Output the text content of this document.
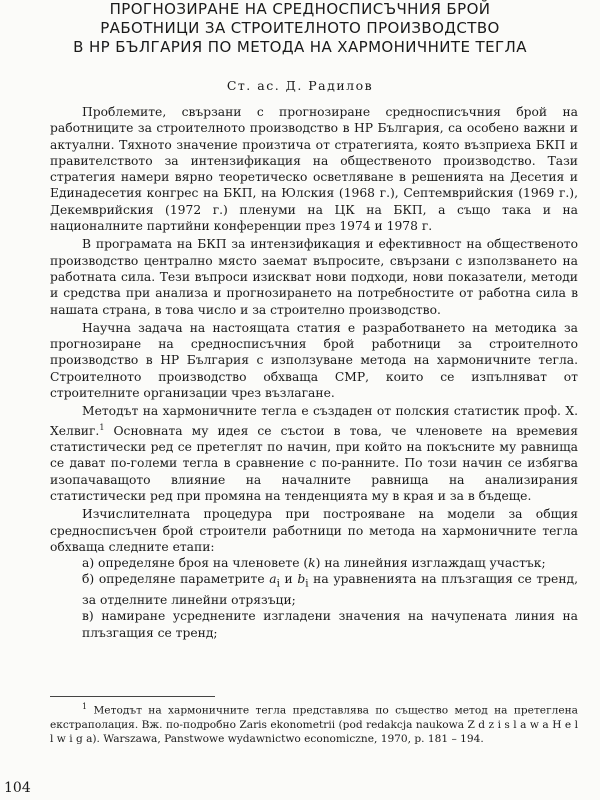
ПРОГНОЗИРАНЕ НА СРЕДНОСПИСЪЧНИЯ БРОЙ
РАБОТНИЦИ ЗА СТРОИТЕЛНОТО ПРОИЗВОДСТВО
В НР БЪЛГАРИЯ ПО МЕТОДА НА ХАРМОНИЧНИТЕ ТЕГЛА
Ст. ас. Д. Радилов

Проблемите, свързани с прогнозиране средносписъчния брой на работниците за строителното производство в НР България, са особено важни и актуални. Тяхното значение произтича от стратегията, която възприеха БКП и правителството за интензификация на общественото производство. Тази стратегия намери вярно теоретическо осветляване в решенията на Десетия и Единадесетия конгрес на БКП, на Юлския (1968 г.), Септемврийския (1969 г.), Декемврийския (1972 г.) пленуми на ЦК на БКП, а също така и на националните партийни конференции през 1974 и 1978 г.

В програмата на БКП за интензификация и ефективност на общественото производство централно място заемат въпросите, свързани с използването на работната сила. Тези въпроси изискват нови подходи, нови показатели, методи и средства при анализа и прогнозирането на потребностите от работна сила в нашата страна, в това число и за строително производство.

Научна задача на настоящата статия е разработването на методика за прогнозиране на средносписъчния брой работници за строителното производство в НР България с използуване метода на хармоничните тегла. Строителното производство обхваща СМР, които се изпълняват от строителните организации чрез възлагане.

Методът на хармоничните тегла е създаден от полския статистик проф. Х. Хелвиг.$^1$ Основната му идея се състои в това, че членовете на времевия статистически ред се претеглят по начин, при който на покъсните му равнища се дават по-големи тегла в сравнение с по-ранните. По този начин се избягва изопачаващото влияние на началните равнища на анализирания статистически ред при промяна на тенденцията му в края и за в бъдеще.

Изчислителната процедура при построяване на модели за общия средносписъчен брой строители работници по метода на хармоничните тегла обхваща следните етапи:

а) определяне броя на членовете (k) на линейния изглаждащ участък;

б) определяне параметрите $a_i$ и $b_i$ на уравненията на плъзгащия се тренд, за отделните линейни отрязъци;

в) намиране усреднените изгладени значения на начупената линия на плъзгащия се тренд;

$^1$ Методът на хармоничните тегла представлява по същество метод на претеглена екстраполация. Вж. по-подробно Zaris ekonometrii (pod redakcja naukowa Z d z i s l a w a H e l l w i g a). Warszawa, Panstwowe wydawnictwo economiczne, 1970, p. 181 – 194.

104
